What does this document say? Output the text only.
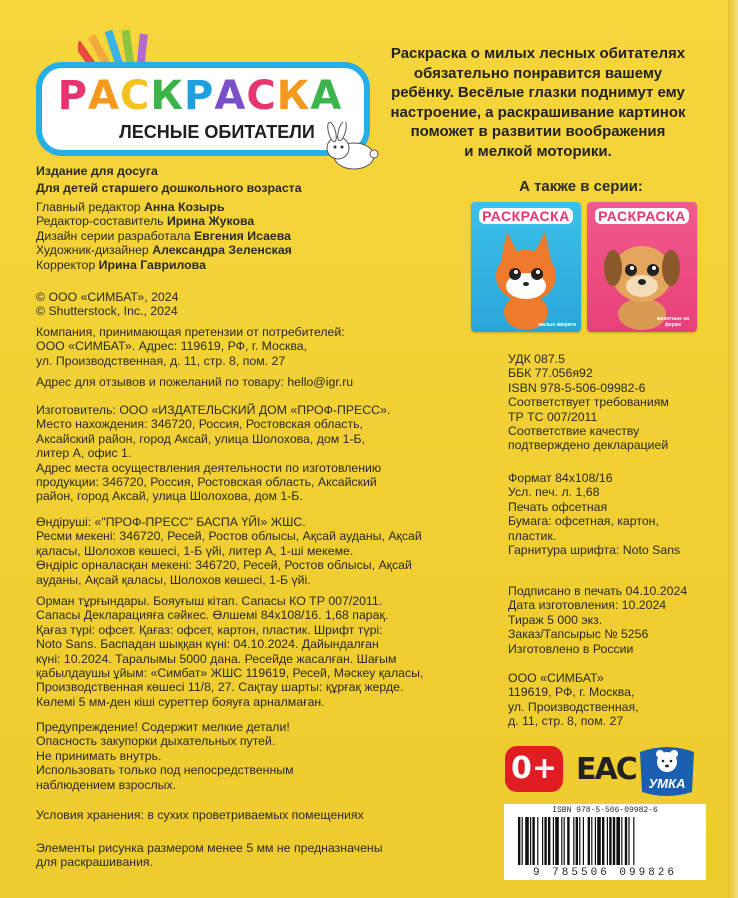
РАСКРАСКА
ЛЕСНЫЕ ОБИТАТЕЛИ
Раскраска о милых лесных обитателях
обязательно понравится вашему
ребёнку. Весёлые глазки поднимут ему
настроение, а раскрашивание картинок
поможет в развитии воображения
и мелкой моторики.
А также в серии:
РАСКРАСКА
милые зверята
РАСКРАСКА
животные на ферме
Издание для досуга
Для детей старшего дошкольного возраста
Главный редактор Анна Козырь
Редактор-составитель Ирина Жукова
Дизайн серии разработала Евгения Исаева
Художник-дизайнер Александра Зеленская
Корректор Ирина Гаврилова
© ООО «СИМБАТ», 2024
© Shutterstock, Inc., 2024
Компания, принимающая претензии от потребителей:
ООО «СИМБАТ». Адрес: 119619, РФ, г. Москва,
ул. Производственная, д. 11, стр. 8, пом. 27
Адрес для отзывов и пожеланий по товару: hello@igr.ru
Изготовитель: ООО «ИЗДАТЕЛЬСКИЙ ДОМ «ПРОФ-ПРЕСС».
Место нахождения: 346720, Россия, Ростовская область,
Аксайский район, город Аксай, улица Шолохова, дом 1-Б,
литер А, офис 1.
Адрес места осуществления деятельности по изготовлению
продукции: 346720, Россия, Ростовская область, Аксайский
район, город Аксай, улица Шолохова, дом 1-Б.
Өндіруші: «"ПРОФ-ПРЕСС" БАСПА ҮЙІ» ЖШС.
Ресми мекені: 346720, Ресей, Ростов облысы, Ақсай ауданы, Ақсай
қаласы, Шолохов көшесі, 1-Б үйі, литер А, 1-ші мекеме.
Өндіріс орналасқан мекені: 346720, Ресей, Ростов облысы, Ақсай
ауданы, Ақсай қаласы, Шолохов көшесі, 1-Б үйі.
Орман тұрғындары. Бояуғыш кітап. Сапасы КО ТР 007/2011.
Сапасы Декларацияға сәйкес. Өлшемі 84х108/16. 1,68 парақ.
Қағаз түрі: офсет. Қағаз: офсет, картон, пластик. Шрифт түрі:
Noto Sans. Баспадан шыққан күні: 04.10.2024. Дайындалған
күні: 10.2024. Таралымы 5000 дана. Ресейде жасалған. Шағым
қабылдаушы ұйым: «Симбат» ЖШС 119619, Ресей, Мәскеу қаласы,
Производственная көшесі 11/8, 27. Сақтау шарты: құрғақ жерде.
Көлемі 5 мм-ден кіші суреттер бояуға арналмаған.
Предупреждение! Содержит мелкие детали!
Опасность закупорки дыхательных путей.
Не принимать внутрь.
Использовать только под непосредственным
наблюдением взрослых.
Условия хранения: в сухих проветриваемых помещениях
Элементы рисунка размером менее 5 мм не предназначены
для раскрашивания.
УДК 087.5
ББК 77.056я92
ISBN 978-5-506-09982-6
Соответствует требованиям
ТР ТС 007/2011
Соответствие качеству
подтверждено декларацией
Формат 84х108/16
Усл. печ. л. 1,68
Печать офсетная
Бумага: офсетная, картон,
пластик.
Гарнитура шрифта: Noto Sans
Подписано в печать 04.10.2024
Дата изготовления: 10.2024
Тираж 5 000 экз.
Заказ/Тапсырыс № 5256
Изготовлено в России
ООО «СИМБАТ»
119619, РФ, г. Москва,
ул. Производственная,
д. 11, стр. 8, пом. 27
0+ EAC УМКА
ISBN 978-5-506-09982-6
9 785506 099826
